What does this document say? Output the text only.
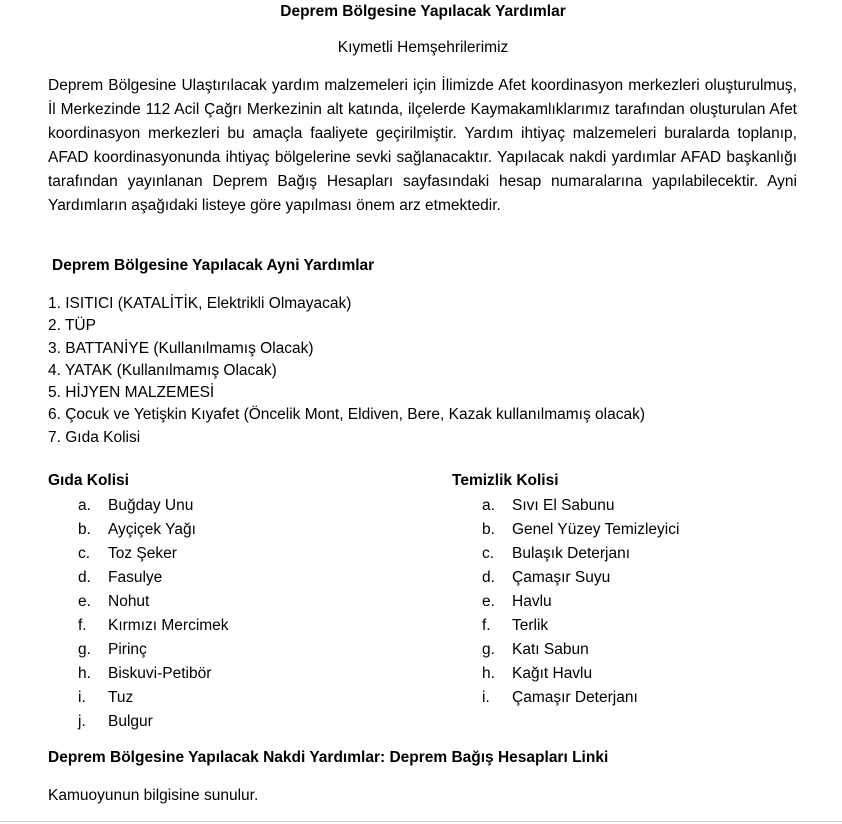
Deprem Bölgesine Yapılacak Yardımlar
Kıymetli Hemşehrilerimiz

Deprem Bölgesine Ulaştırılacak yardım malzemeleri için İlimizde Afet koordinasyon merkezleri oluşturulmuş, İl Merkezinde 112 Acil Çağrı Merkezinin alt katında, ilçelerde Kaymakamlıklarımız tarafından oluşturulan Afet koordinasyon merkezleri bu amaçla faaliyete geçirilmiştir. Yardım ihtiyaç malzemeleri buralarda toplanıp, AFAD koordinasyonunda ihtiyaç bölgelerine sevki sağlanacaktır. Yapılacak nakdi yardımlar AFAD başkanlığı tarafından yayınlanan Deprem Bağış Hesapları sayfasındaki hesap numaralarına yapılabilecektir. Ayni Yardımların aşağıdaki listeye göre yapılması önem arz etmektedir.

Deprem Bölgesine Yapılacak Ayni Yardımlar
1. ISITICI (KATALİTİK, Elektrikli Olmayacak)
2. TÜP
3. BATTANİYE (Kullanılmamış Olacak)
4. YATAK (Kullanılmamış Olacak)
5. HİJYEN MALZEMESİ
6. Çocuk ve Yetişkin Kıyafet (Öncelik Mont, Eldiven, Bere, Kazak kullanılmamış olacak)
7. Gıda Kolisi
Gıda Kolisi
a. Buğday Unu
b. Ayçiçek Yağı
c. Toz Şeker
d. Fasulye
e. Nohut
f. Kırmızı Mercimek
g. Pirinç
h. Biskuvi-Petibör
i. Tuz
j. Bulgur
Temizlik Kolisi
a. Sıvı El Sabunu
b. Genel Yüzey Temizleyici
c. Bulaşık Deterjanı
d. Çamaşır Suyu
e. Havlu
f. Terlik
g. Katı Sabun
h. Kağıt Havlu
i. Çamaşır Deterjanı
Deprem Bölgesine Yapılacak Nakdi Yardımlar: Deprem Bağış Hesapları Linki
Kamuoyunun bilgisine sunulur.
